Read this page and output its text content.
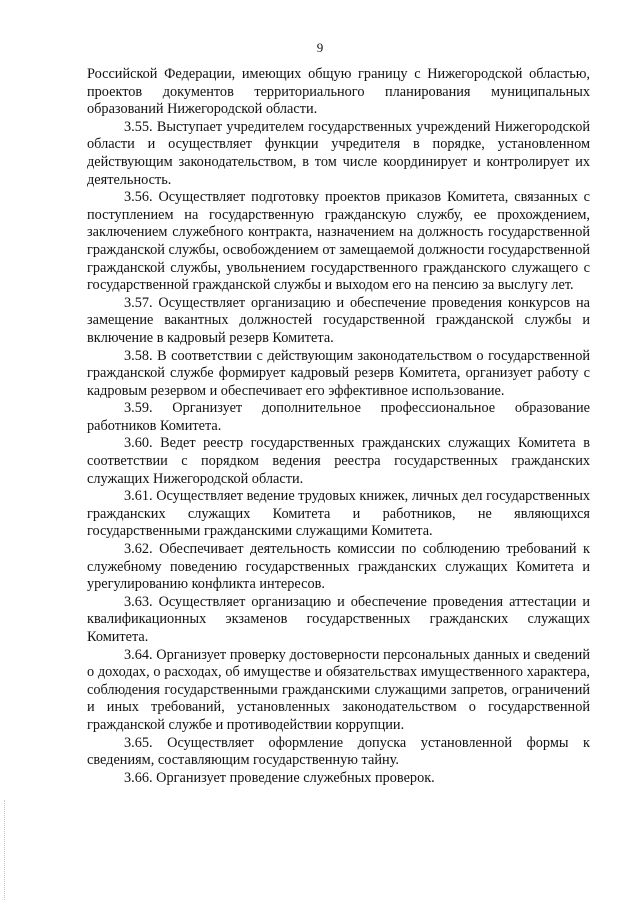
9

Российской Федерации, имеющих общую границу с Нижегородской областью, проектов документов территориального планирования муниципальных образований Нижегородской области.

3.55. Выступает учредителем государственных учреждений Нижегородской области и осуществляет функции учредителя в порядке, установленном действующим законодательством, в том числе координирует и контролирует их деятельность.

3.56. Осуществляет подготовку проектов приказов Комитета, связанных с поступлением на государственную гражданскую службу, ее прохождением, заключением служебного контракта, назначением на должность государственной гражданской службы, освобождением от замещаемой должности государственной гражданской службы, увольнением государственного гражданского служащего с государственной гражданской службы и выходом его на пенсию за выслугу лет.

3.57. Осуществляет организацию и обеспечение проведения конкурсов на замещение вакантных должностей государственной гражданской службы и включение в кадровый резерв Комитета.

3.58. В соответствии с действующим законодательством о государственной гражданской службе формирует кадровый резерв Комитета, организует работу с кадровым резервом и обеспечивает его эффективное использование.

3.59. Организует дополнительное профессиональное образование работников Комитета.

3.60. Ведет реестр государственных гражданских служащих Комитета в соответствии с порядком ведения реестра государственных гражданских служащих Нижегородской области.

3.61. Осуществляет ведение трудовых книжек, личных дел государственных гражданских служащих Комитета и работников, не являющихся государственными гражданскими служащими Комитета.

3.62. Обеспечивает деятельность комиссии по соблюдению требований к служебному поведению государственных гражданских служащих Комитета и урегулированию конфликта интересов.

3.63. Осуществляет организацию и обеспечение проведения аттестации и квалификационных экзаменов государственных гражданских служащих Комитета.

3.64. Организует проверку достоверности персональных данных и сведений о доходах, о расходах, об имуществе и обязательствах имущественного характера, соблюдения государственными гражданскими служащими запретов, ограничений и иных требований, установленных законодательством о государственной гражданской службе и противодействии коррупции.

3.65. Осуществляет оформление допуска установленной формы к сведениям, составляющим государственную тайну.

3.66. Организует проведение служебных проверок.
